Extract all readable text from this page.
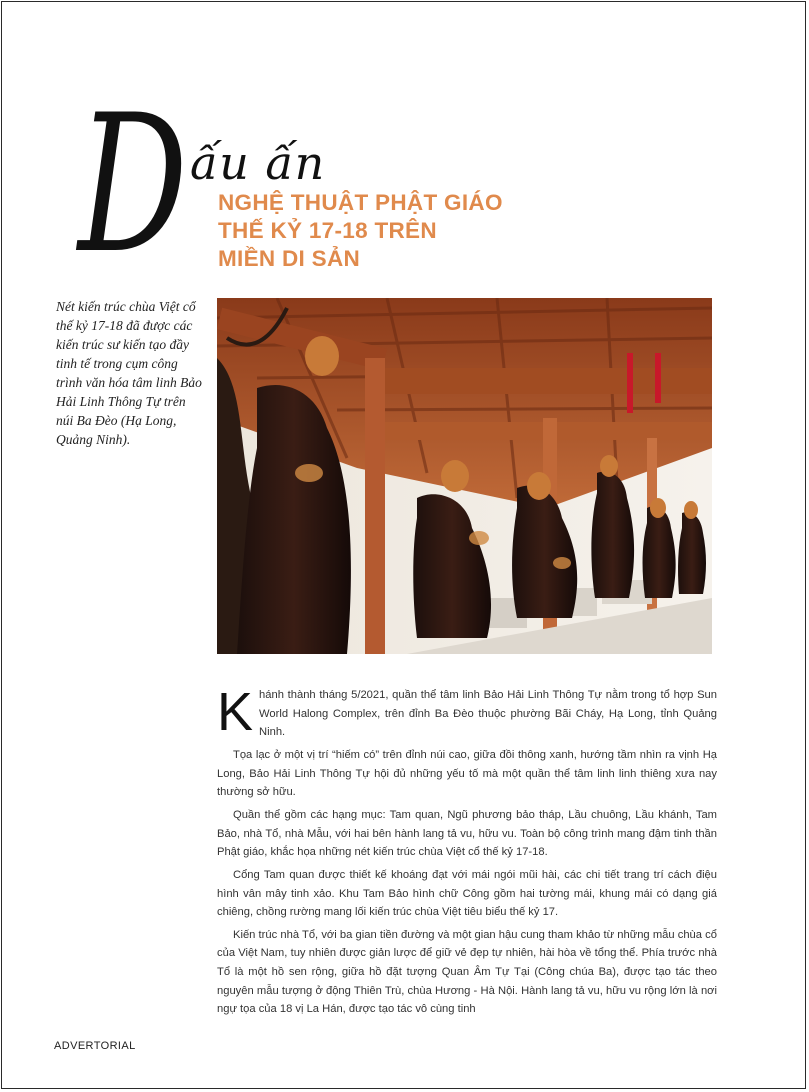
D ấu ấn
NGHỆ THUẬT PHẬT GIÁO
THẾ KỶ 17-18 TRÊN
MIỀN DI SẢN
Nét kiến trúc chùa Việt cổ thế kỷ 17-18 đã được các kiến trúc sư kiến tạo đầy tinh tế trong cụm công trình văn hóa tâm linh Bảo Hải Linh Thông Tự trên núi Ba Đèo (Hạ Long, Quảng Ninh).

Khánh thành tháng 5/2021, quần thể tâm linh Bảo Hải Linh Thông Tự nằm trong tổ hợp Sun World Halong Complex, trên đỉnh Ba Đèo thuộc phường Bãi Cháy, Hạ Long, tỉnh Quảng Ninh.

Tọa lạc ở một vị trí “hiếm có” trên đỉnh núi cao, giữa đồi thông xanh, hướng tầm nhìn ra vịnh Hạ Long, Bảo Hải Linh Thông Tự hội đủ những yếu tố mà một quần thể tâm linh linh thiêng xưa nay thường sở hữu.

Quần thể gồm các hạng mục: Tam quan, Ngũ phương bảo tháp, Lầu chuông, Lầu khánh, Tam Bảo, nhà Tổ, nhà Mẫu, với hai bên hành lang tả vu, hữu vu. Toàn bộ công trình mang đậm tinh thần Phật giáo, khắc họa những nét kiến trúc chùa Việt cổ thế kỷ 17-18.

Cổng Tam quan được thiết kế khoáng đạt với mái ngói mũi hài, các chi tiết trang trí cách điệu hình vân mây tinh xảo. Khu Tam Bảo hình chữ Công gồm hai tường mái, khung mái có dạng giá chiêng, chồng rường mang lối kiến trúc chùa Việt tiêu biểu thế kỷ 17.

Kiến trúc nhà Tổ, với ba gian tiền đường và một gian hậu cung tham khảo từ những mẫu chùa cổ của Việt Nam, tuy nhiên được giản lược để giữ vẻ đẹp tự nhiên, hài hòa về tổng thể. Phía trước nhà Tổ là một hồ sen rộng, giữa hồ đặt tượng Quan Âm Tự Tại (Công chúa Ba), được tạo tác theo nguyên mẫu tượng ở động Thiên Trù, chùa Hương - Hà Nội. Hành lang tả vu, hữu vu rộng lớn là nơi ngự tọa của 18 vị La Hán, được tạo tác vô cùng tinh

ADVERTORIAL
